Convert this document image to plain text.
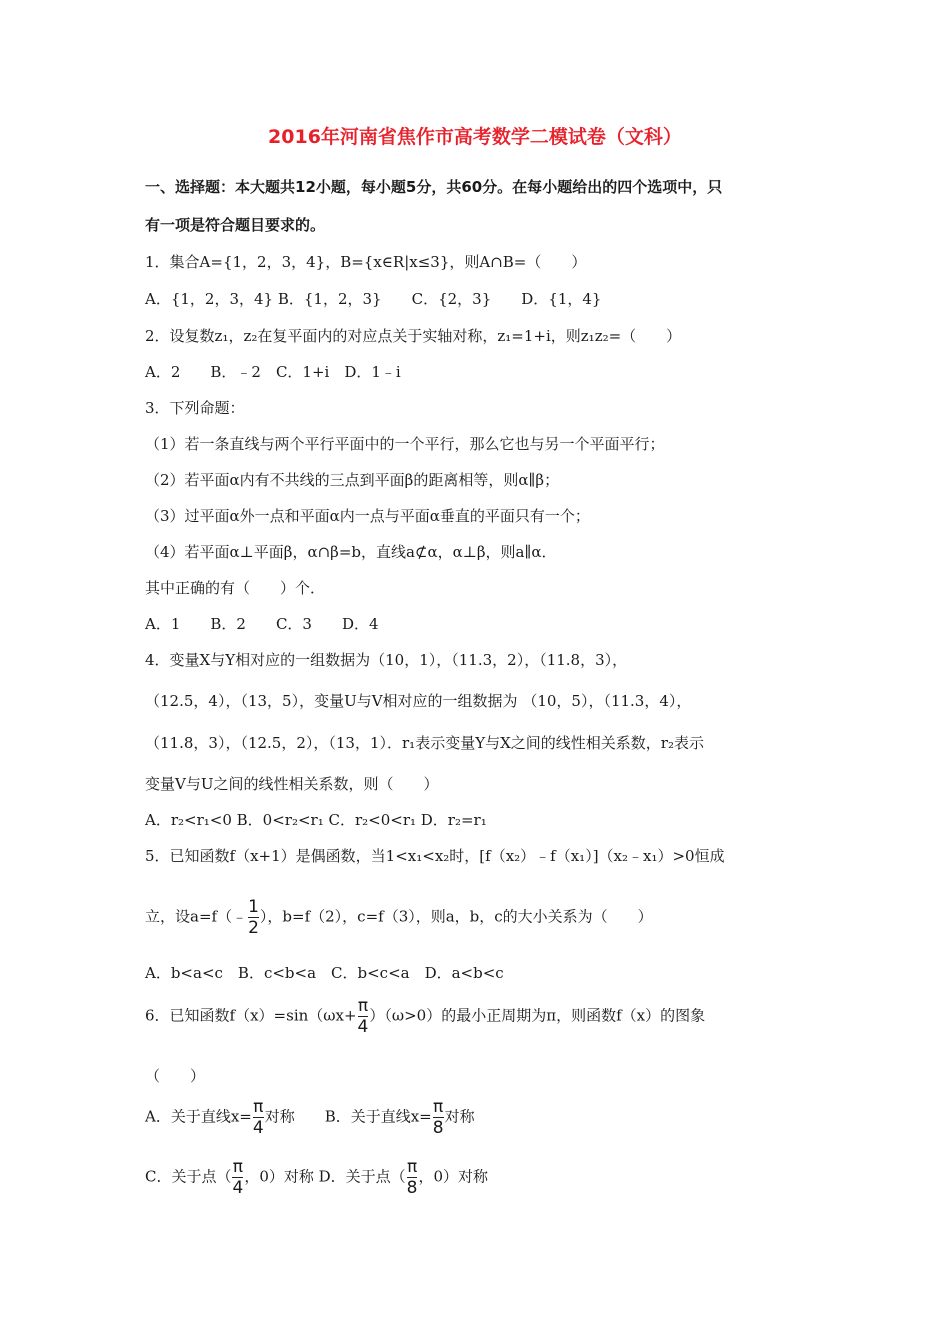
2016年河南省焦作市高考数学二模试卷（文科）
一、选择题：本大题共12小题，每小题5分，共60分。在每小题给出的四个选项中，只
有一项是符合题目要求的。
1．集合A={1，2，3，4}，B={x∈R|x≤3}，则A∩B=（　　）
A．{1，2，3，4} B．{1，2，3}　　C．{2，3}　　D．{1，4}
2．设复数z₁，z₂在复平面内的对应点关于实轴对称，z₁=1+i，则z₁z₂=（　　）
A．2　　B．﹣2　C．1+i　D．1﹣i
3．下列命题：
（1）若一条直线与两个平行平面中的一个平行，那么它也与另一个平面平行；
（2）若平面α内有不共线的三点到平面β的距离相等，则α∥β；
（3）过平面α外一点和平面α内一点与平面α垂直的平面只有一个；
（4）若平面α⊥平面β，α∩β=b，直线a⊄α，α⊥β，则a∥α．
其中正确的有（　　）个．
A．1　　B．2　　C．3　　D．4
4．变量X与Y相对应的一组数据为（10，1），（11.3，2），（11.8，3），
（12.5，4），（13，5），变量U与V相对应的一组数据为 （10，5），（11.3，4），
（11.8，3），（12.5，2），（13，1）．r₁表示变量Y与X之间的线性相关系数，r₂表示
变量V与U之间的线性相关系数，则（　　）
A．r₂<r₁<0 B．0<r₂<r₁ C．r₂<0<r₁ D．r₂=r₁
5．已知函数f（x+1）是偶函数，当1<x₁<x₂时，[f（x₂）﹣f（x₁）]（x₂﹣x₁）>0恒成
立，设a=f（﹣ $\frac{1}{2}$ ），b=f（2），c=f（3），则a，b，c的大小关系为（　　）
A．b<a<c　B．c<b<a　C．b<c<a　D．a<b<c
6．已知函数$f(x)=\sin(\omega x+ \frac{\pi}{4} )(\omega>0)$的最小正周期为π，则函数f（x）的图象
（　　）
A．关于直线$x= \frac{\pi}{4}$ 对称　　B．关于直线$x= \frac{\pi}{8}$ 对称
C．关于点（ $\frac{\pi}{4}$ ，0）对称 D．关于点（ $\frac{\pi}{8}$ ，0）对称
